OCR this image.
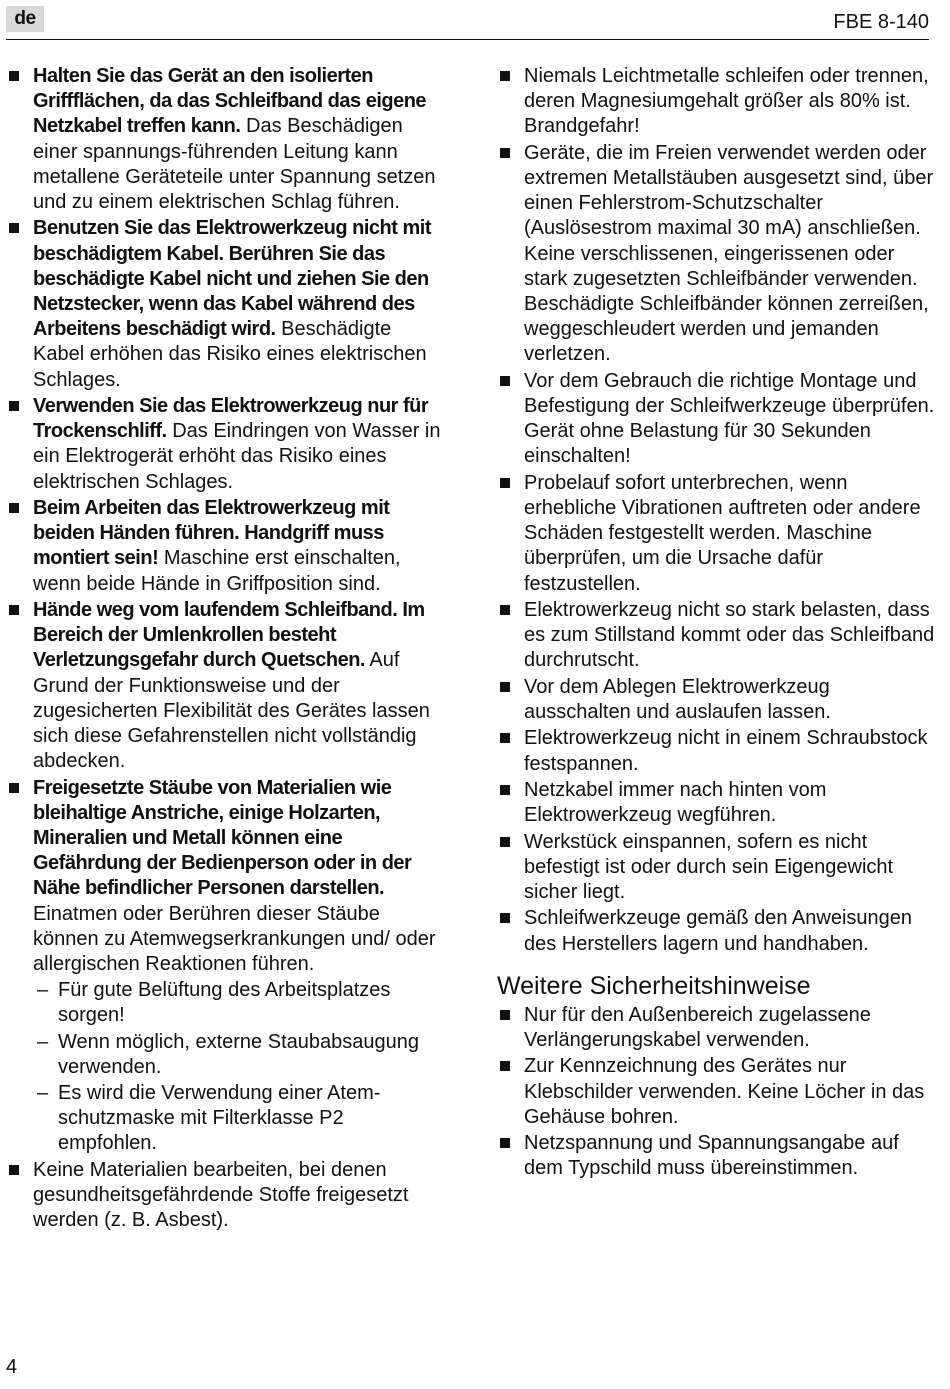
de	FBE 8-140
Halten Sie das Gerät an den isolierten Griffflächen, da das Schleifband das eigene Netzkabel treffen kann. Das Beschädigen einer spannungs-führenden Leitung kann metallene Geräteteile unter Spannung setzen und zu einem elektrischen Schlag führen.
Benutzen Sie das Elektrowerkzeug nicht mit beschädigtem Kabel. Berühren Sie das beschädigte Kabel nicht und ziehen Sie den Netzstecker, wenn das Kabel während des Arbeitens beschädigt wird. Beschädigte Kabel erhöhen das Risiko eines elektrischen Schlages.
Verwenden Sie das Elektrowerkzeug nur für Trockenschliff. Das Eindringen von Wasser in ein Elektrogerät erhöht das Risiko eines elektrischen Schlages.
Beim Arbeiten das Elektrowerkzeug mit beiden Händen führen. Handgriff muss montiert sein! Maschine erst einschalten, wenn beide Hände in Griffposition sind.
Hände weg vom laufendem Schleifband. Im Bereich der Umlenkrollen besteht Verletzungsgefahr durch Quetschen. Auf Grund der Funktionsweise und der zugesicherten Flexibilität des Gerätes lassen sich diese Gefahrenstellen nicht vollständig abdecken.
Freigesetzte Stäube von Materialien wie bleihaltige Anstriche, einige Holzarten, Mineralien und Metall können eine Gefährdung der Bedienperson oder in der Nähe befindlicher Personen darstellen. Einatmen oder Berühren dieser Stäube können zu Atemwegserkrankungen und/ oder allergischen Reaktionen führen.
– Für gute Belüftung des Arbeitsplatzes sorgen!
– Wenn möglich, externe Staubabsaugung verwenden.
– Es wird die Verwendung einer Atem-schutzmaske mit Filterklasse P2 empfohlen.
Keine Materialien bearbeiten, bei denen gesundheitsgefährdende Stoffe freigesetzt werden (z. B. Asbest).
Niemals Leichtmetalle schleifen oder trennen, deren Magnesiumgehalt größer als 80% ist. Brandgefahr!
Geräte, die im Freien verwendet werden oder extremen Metallstäuben ausgesetzt sind, über einen Fehlerstrom-Schutzschalter (Auslösestrom maximal 30 mA) anschließen. Keine verschlissenen, eingerissenen oder stark zugesetzten Schleifbänder verwenden. Beschädigte Schleifbänder können zerreißen, weggeschleudert werden und jemanden verletzen.
Vor dem Gebrauch die richtige Montage und Befestigung der Schleifwerkzeuge überprüfen. Gerät ohne Belastung für 30 Sekunden einschalten!
Probelauf sofort unterbrechen, wenn erhebliche Vibrationen auftreten oder andere Schäden festgestellt werden. Maschine überprüfen, um die Ursache dafür festzustellen.
Elektrowerkzeug nicht so stark belasten, dass es zum Stillstand kommt oder das Schleifband durchrutscht.
Vor dem Ablegen Elektrowerkzeug ausschalten und auslaufen lassen.
Elektrowerkzeug nicht in einem Schraubstock festspannen.
Netzkabel immer nach hinten vom Elektrowerkzeug wegführen.
Werkstück einspannen, sofern es nicht befestigt ist oder durch sein Eigengewicht sicher liegt.
Schleifwerkzeuge gemäß den Anweisungen des Herstellers lagern und handhaben.
Weitere Sicherheitshinweise
Nur für den Außenbereich zugelassene Verlängerungskabel verwenden.
Zur Kennzeichnung des Gerätes nur Klebschilder verwenden. Keine Löcher in das Gehäuse bohren.
Netzspannung und Spannungsangabe auf dem Typschild muss übereinstimmen.
4
